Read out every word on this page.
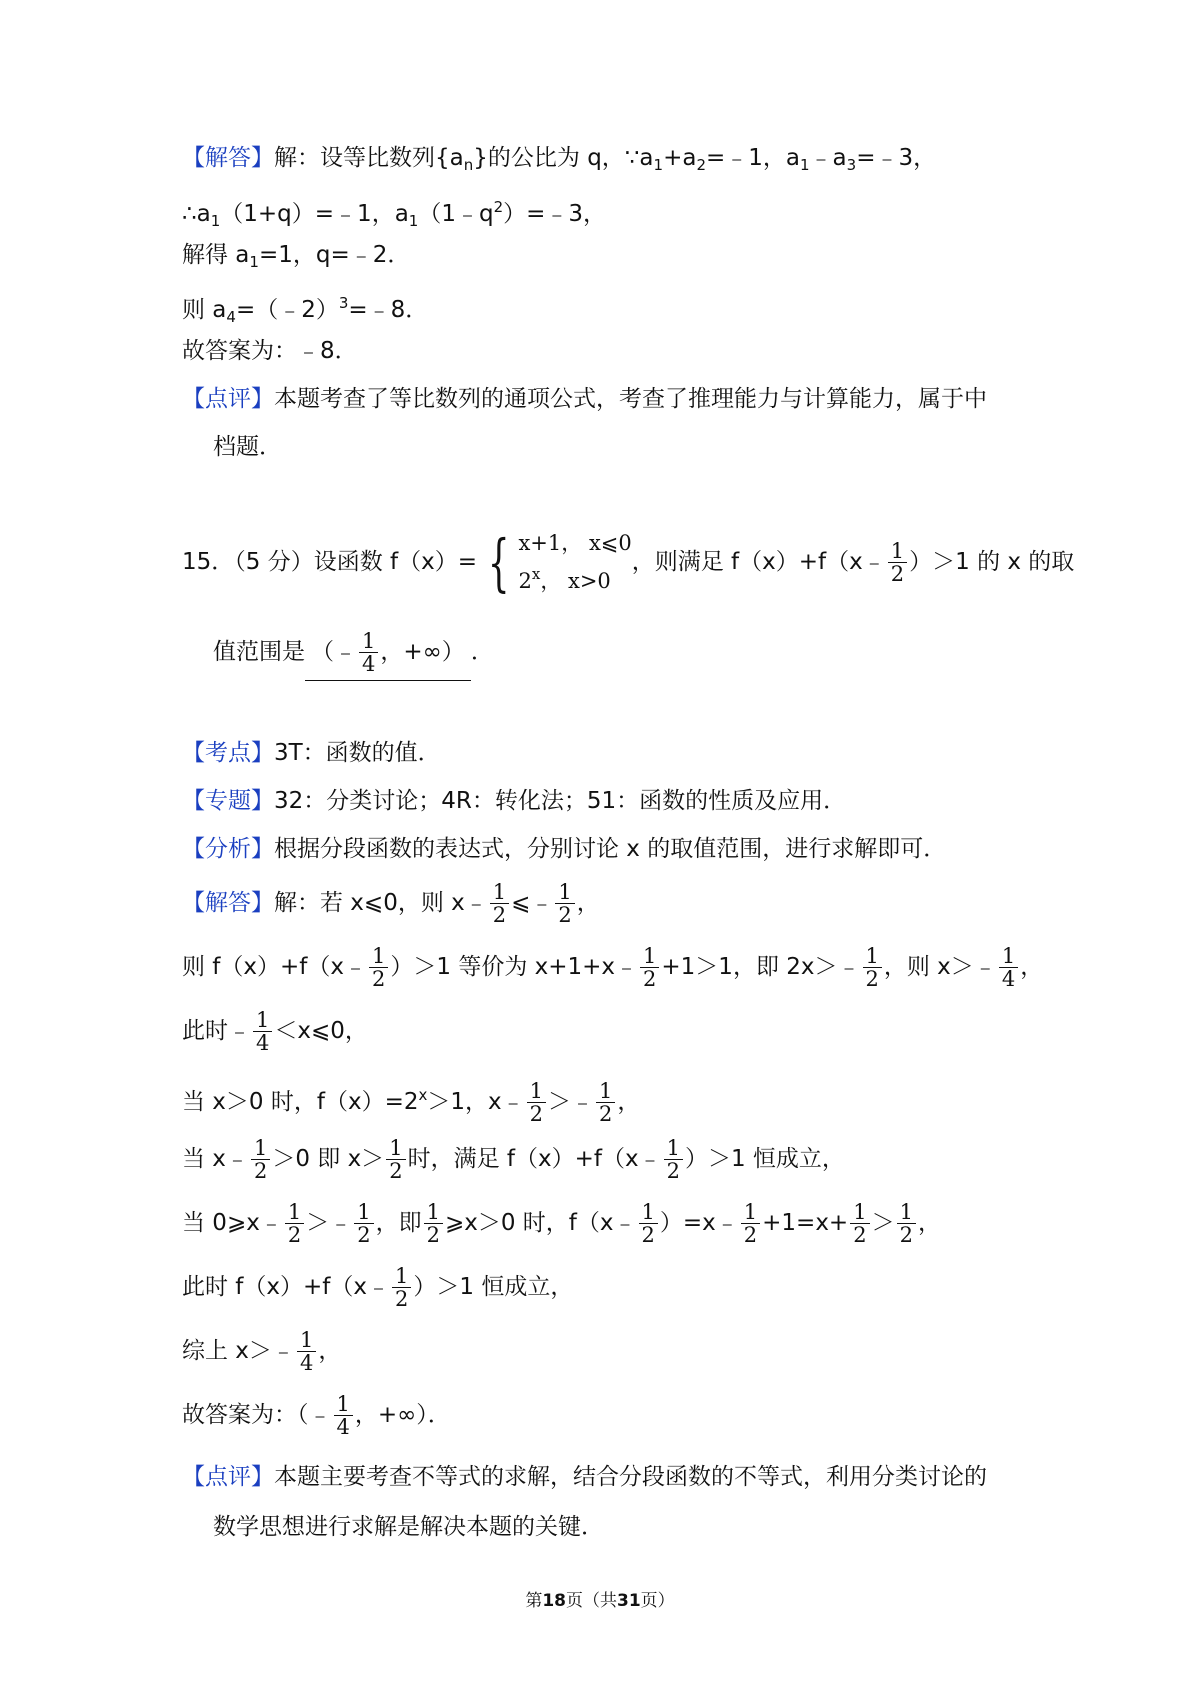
【解答】解：设等比数列$\{a_n\}$的公比为 q，$\because a_1+a_2=﹣1$，$a_1﹣a_3=﹣3$，
$\therefore a_1(1+q)=﹣1$，$a_1(1﹣q^2)=﹣3$，
解得 $a_1=1$，q=﹣2．
则 $a_4=(﹣2)^3=﹣8$．
故答案为：﹣8．
【点评】本题考查了等比数列的通项公式，考查了推理能力与计算能力，属于中
档题．
15．（5 分）设函数 f（x）= { x+1， x⩽0
2$^x$， x>0
，则满足 f（x）+f（x﹣ $\frac{1}{2} )>1$ 的 x 的取
值范围是 （﹣ $\frac{1}{4}$ ，+∞） ．
【考点】3T：函数的值．
【专题】32：分类讨论；4R：转化法；51：函数的性质及应用．
【分析】根据分段函数的表达式，分别讨论 x 的取值范围，进行求解即可．
【解答】解：若 x⩽0，则 x﹣ $\frac{1}{2}$ ⩽﹣ $\frac{1}{2}$ ，
则 f（x）+f（x﹣ $\frac{1}{2} )>1$ 等价为 x+1+x﹣ $\frac{1}{2} +1>1$，即 2x＞﹣ $\frac{1}{2}$ ，则 x＞﹣ $\frac{1}{4}$ ，
此时﹣ $\frac{1}{4}$ ＜x⩽0，
当 x＞0 时，$f(x)=2^x>1$，x﹣ $\frac{1}{2}$ ＞﹣ $\frac{1}{2}$ ，
当 x﹣ $\frac{1}{2} >0$ 即 $x> \frac{1}{2}$ 时，满足 f（x）+f（x﹣ $\frac{1}{2} )>1$ 恒成立，
当 0⩾x﹣ $\frac{1}{2}$ ＞﹣ $\frac{1}{2}$ ，即 $\frac{1}{2}$ ⩾x＞0 时，f（x﹣ $\frac{1}{2}$ ）=x﹣ $\frac{1}{2} +1=x+ \frac{1}{2} > \frac{1}{2}$ ，
此时 f（x）+f（x﹣ $\frac{1}{2} )>1$ 恒成立，
综上 x＞﹣ $\frac{1}{4}$ ，
故答案为：（﹣ $\frac{1}{4}$ ，+∞）．
【点评】本题主要考查不等式的求解，结合分段函数的不等式，利用分类讨论的
数学思想进行求解是解决本题的关键．
第18页（共31页）
